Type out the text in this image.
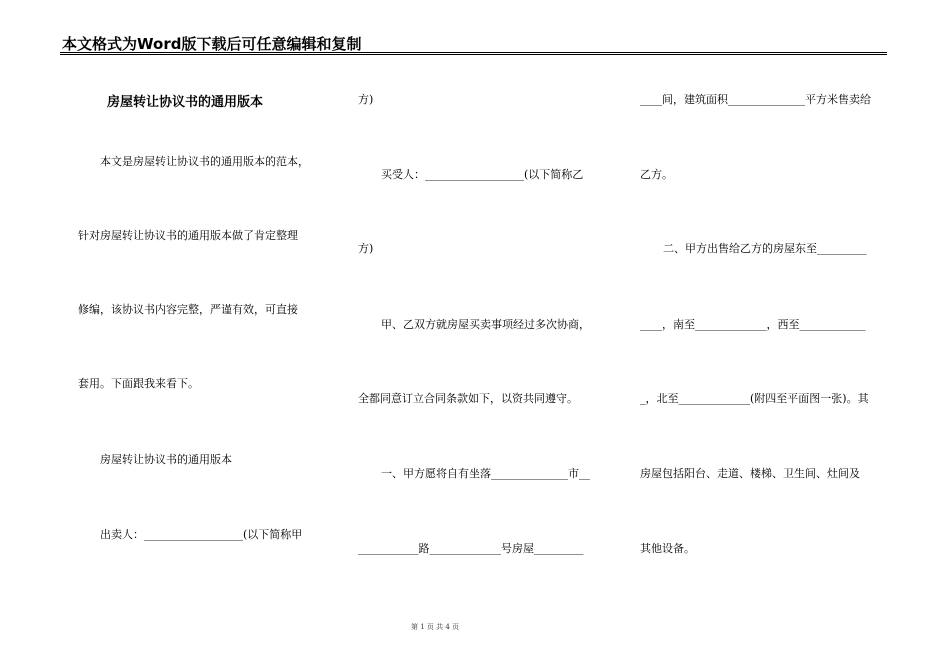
本文格式为Word版下载后可任意编辑和复制
房屋转让协议书的通用版本
本文是房屋转让协议书的通用版本的范本，
针对房屋转让协议书的通用版本做了肯定整理
修编，该协议书内容完整，严谨有效，可直接
套用。下面跟我来看下。
房屋转让协议书的通用版本
出卖人：__________________(以下简称甲
方)
买受人：__________________(以下简称乙
方)
甲、乙双方就房屋买卖事项经过多次协商，
全都同意订立合同条款如下，以资共同遵守。
一、甲方愿将自有坐落______________市__
___________路_____________号房屋_________
____间，建筑面积______________平方米售卖给
乙方。
二、甲方出售给乙方的房屋东至_________
____，南至_____________，西至____________
_，北至_____________(附四至平面图一张)。其
房屋包括阳台、走道、楼梯、卫生间、灶间及
其他设备。
第 1 页 共 4 页
